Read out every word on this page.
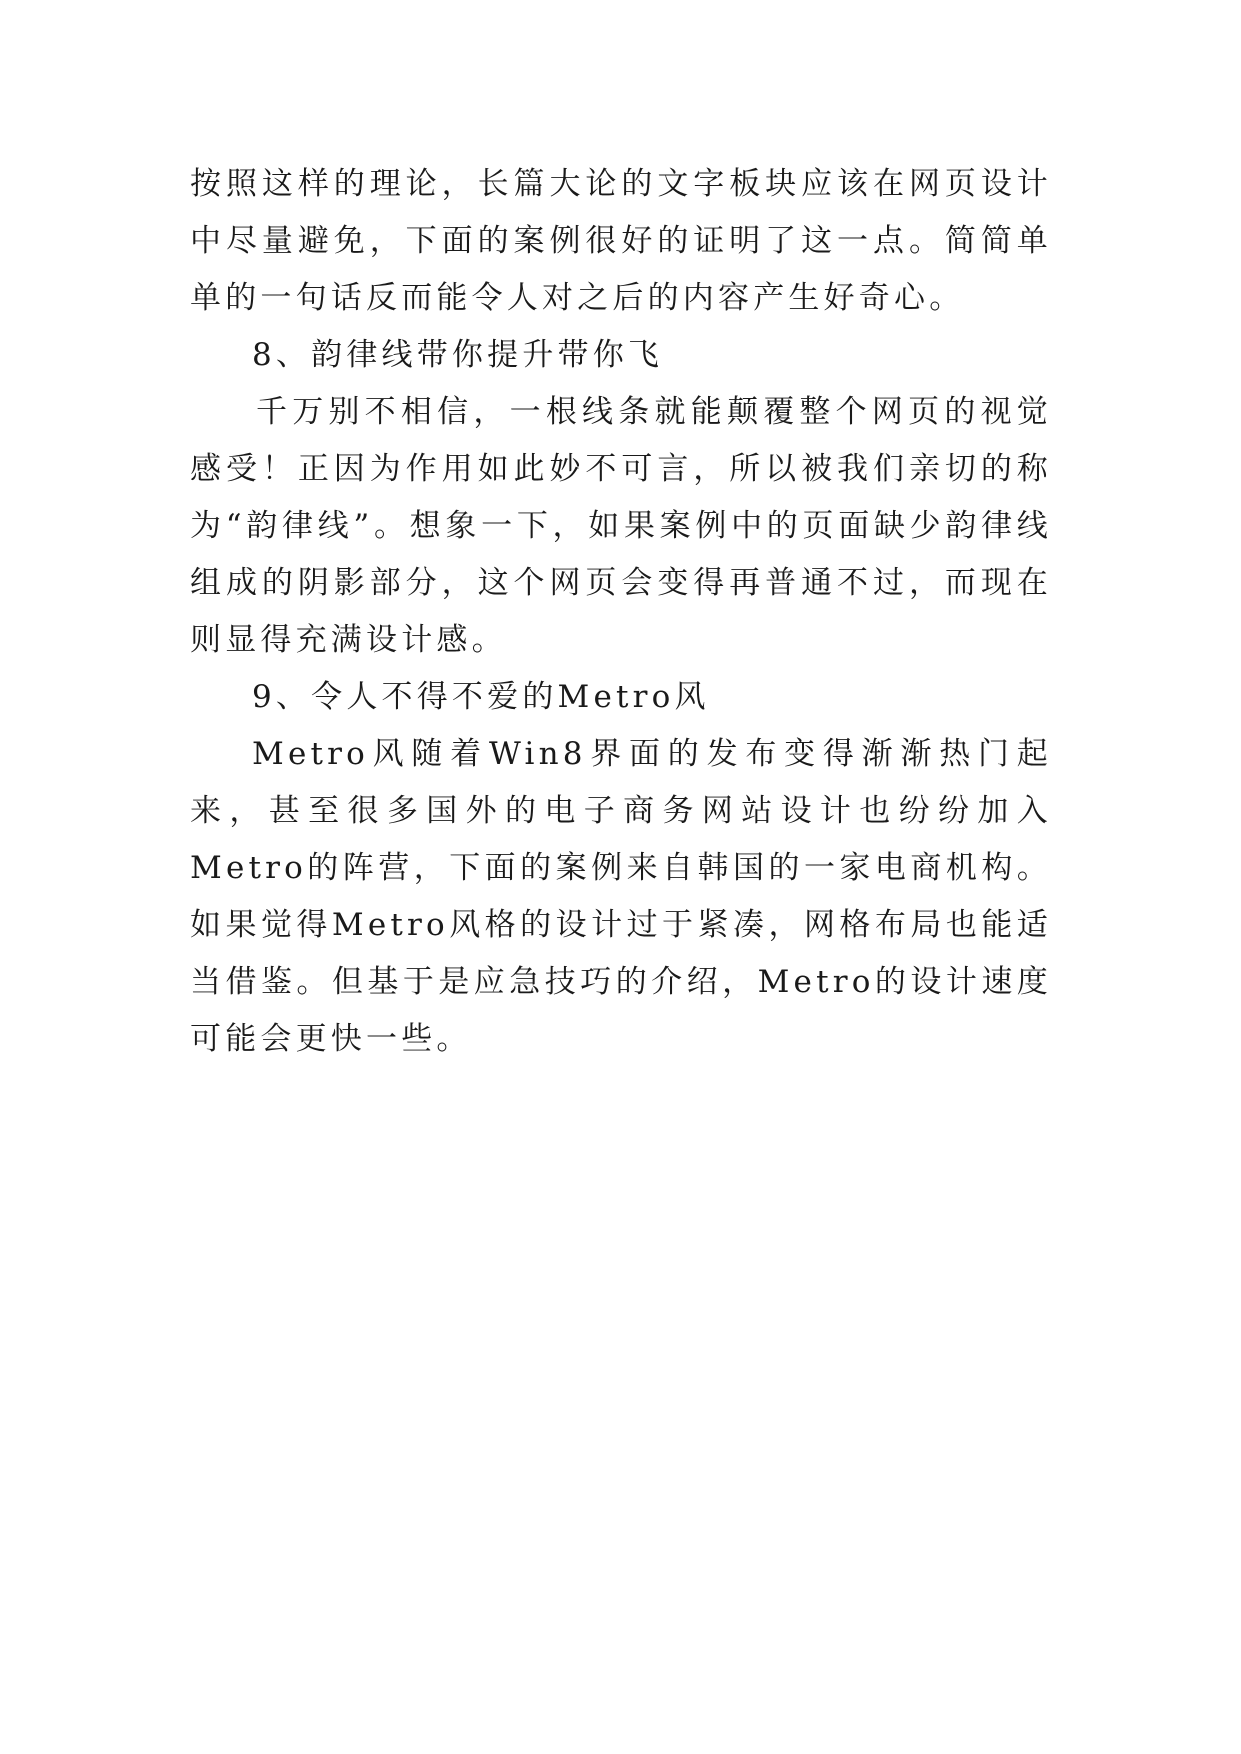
按照这样的理论，长篇大论的文字板块应该在网页设计中尽量避免，下面的案例很好的证明了这一点。简简单单的一句话反而能令人对之后的内容产生好奇心。

8、韵律线带你提升带你飞

千万别不相信，一根线条就能颠覆整个网页的视觉感受！正因为作用如此妙不可言，所以被我们亲切的称为“韵律线”。想象一下，如果案例中的页面缺少韵律线组成的阴影部分，这个网页会变得再普通不过，而现在则显得充满设计感。

9、令人不得不爱的Metro风

Metro风随着Win8界面的发布变得渐渐热门起来，甚至很多国外的电子商务网站设计也纷纷加入Metro的阵营，下面的案例来自韩国的一家电商机构。如果觉得Metro风格的设计过于紧凑，网格布局也能适当借鉴。但基于是应急技巧的介绍，Metro的设计速度可能会更快一些。
